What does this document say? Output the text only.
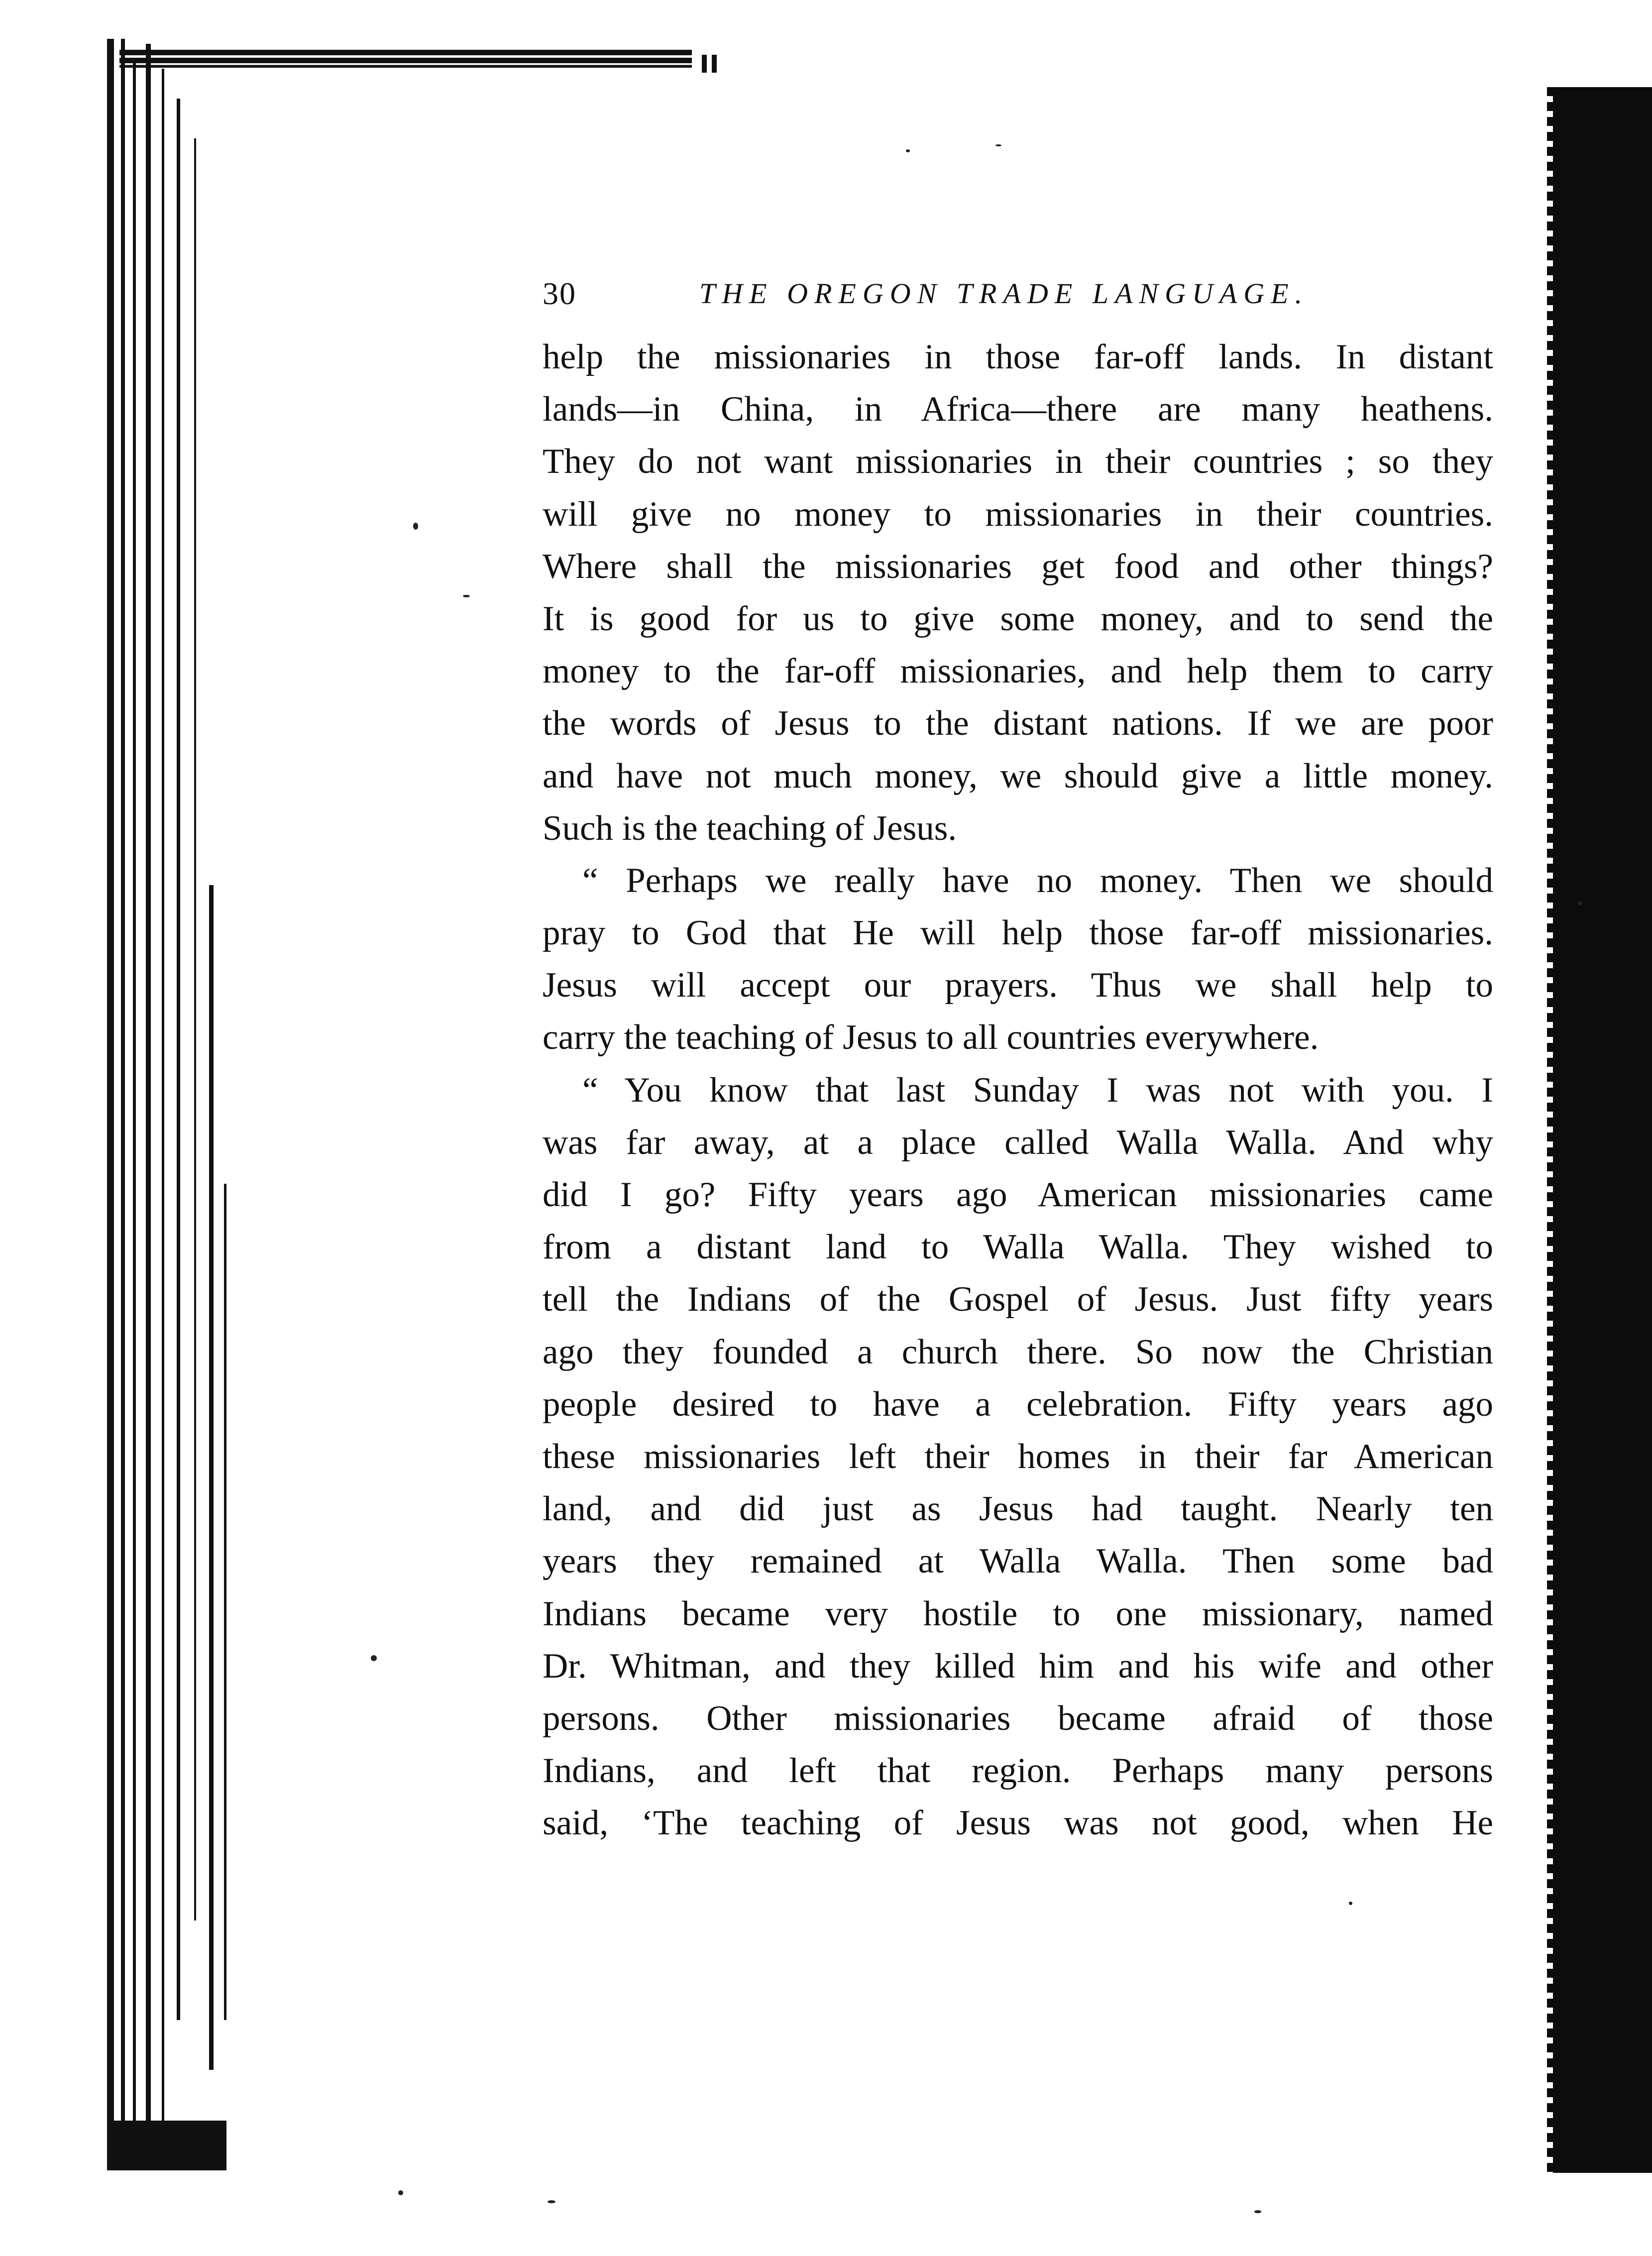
30	THE OREGON TRADE LANGUAGE.
help the missionaries in those far-off lands. In distant
lands—in China, in Africa—there are many heathens.
They do not want missionaries in their countries ; so they
will give no money to missionaries in their countries.
Where shall the missionaries get food and other things?
It is good for us to give some money, and to send the
money to the far-off missionaries, and help them to carry
the words of Jesus to the distant nations. If we are poor
and have not much money, we should give a little money.
Such is the teaching of Jesus.
“ Perhaps we really have no money. Then we should
pray to God that He will help those far-off missionaries.
Jesus will accept our prayers. Thus we shall help to
carry the teaching of Jesus to all countries everywhere.
“ You know that last Sunday I was not with you. I
was far away, at a place called Walla Walla. And why
did I go? Fifty years ago American missionaries came
from a distant land to Walla Walla. They wished to
tell the Indians of the Gospel of Jesus. Just fifty years
ago they founded a church there. So now the Christian
people desired to have a celebration. Fifty years ago
these missionaries left their homes in their far American
land, and did just as Jesus had taught. Nearly ten
years they remained at Walla Walla. Then some bad
Indians became very hostile to one missionary, named
Dr. Whitman, and they killed him and his wife and other
persons. Other missionaries became afraid of those
Indians, and left that region. Perhaps many persons
said, ‘The teaching of Jesus was not good, when He
